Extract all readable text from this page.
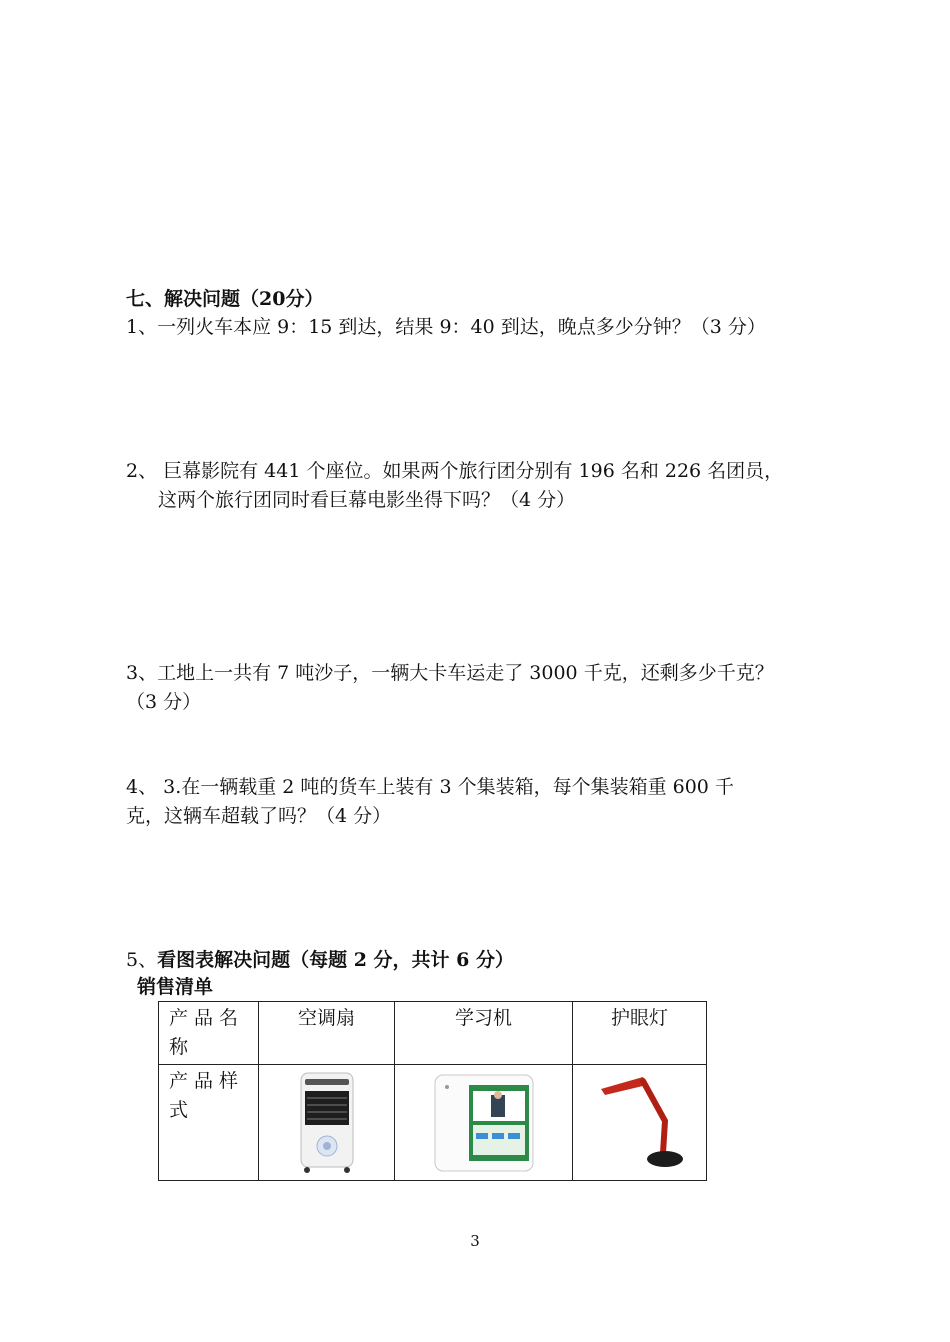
七、解决问题（20分）
1、一列火车本应 9：15 到达，结果 9：40 到达，晚点多少分钟？（3 分）
2、 巨幕影院有 441 个座位。如果两个旅行团分别有 196 名和 226 名团员，
这两个旅行团同时看巨幕电影坐得下吗？（4 分）
3、工地上一共有 7 吨沙子，一辆大卡车运走了 3000 千克，还剩多少千克？
（3 分）
4、 3.在一辆载重 2 吨的货车上装有 3 个集装箱，每个集装箱重 600 千
克，这辆车超载了吗？（4 分）
5、看图表解决问题（每题 2 分，共计 6 分）
销售清单
产品名称	空调扇	学习机	护眼灯

产品样式

3
